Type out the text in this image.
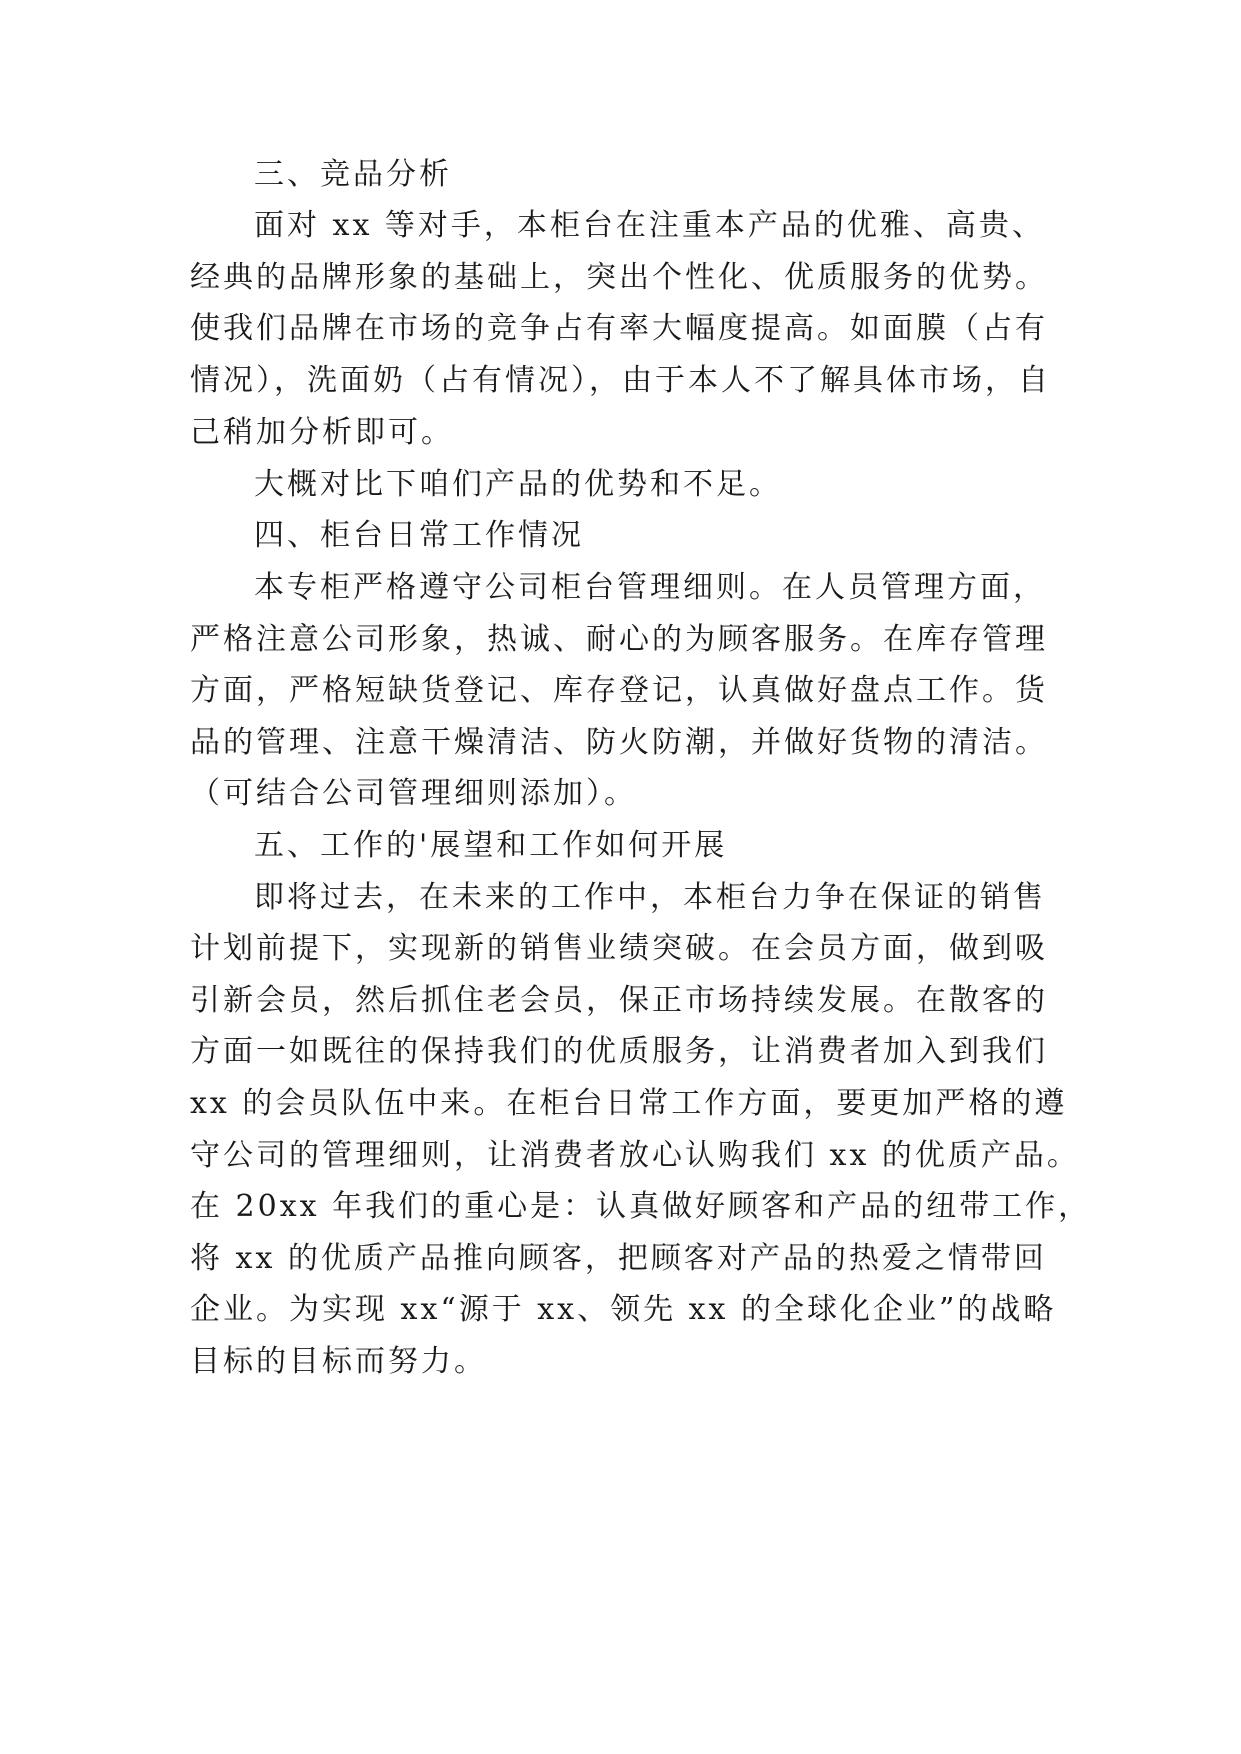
三、竞品分析
面对 xx 等对手，本柜台在注重本产品的优雅、高贵、
经典的品牌形象的基础上，突出个性化、优质服务的优势。
使我们品牌在市场的竞争占有率大幅度提高。如面膜（占有
情况），洗面奶（占有情况），由于本人不了解具体市场，自
己稍加分析即可。
大概对比下咱们产品的优势和不足。
四、柜台日常工作情况
本专柜严格遵守公司柜台管理细则。在人员管理方面，
严格注意公司形象，热诚、耐心的为顾客服务。在库存管理
方面，严格短缺货登记、库存登记，认真做好盘点工作。货
品的管理、注意干燥清洁、防火防潮，并做好货物的清洁。
（可结合公司管理细则添加）。
五、工作的'展望和工作如何开展
即将过去，在未来的工作中，本柜台力争在保证的销售
计划前提下，实现新的销售业绩突破。在会员方面，做到吸
引新会员，然后抓住老会员，保正市场持续发展。在散客的
方面一如既往的保持我们的优质服务，让消费者加入到我们
xx 的会员队伍中来。在柜台日常工作方面，要更加严格的遵
守公司的管理细则，让消费者放心认购我们 xx 的优质产品。
在 20xx 年我们的重心是：认真做好顾客和产品的纽带工作，
将 xx 的优质产品推向顾客，把顾客对产品的热爱之情带回
企业。为实现 xx“源于 xx、领先 xx 的全球化企业”的战略
目标的目标而努力。
